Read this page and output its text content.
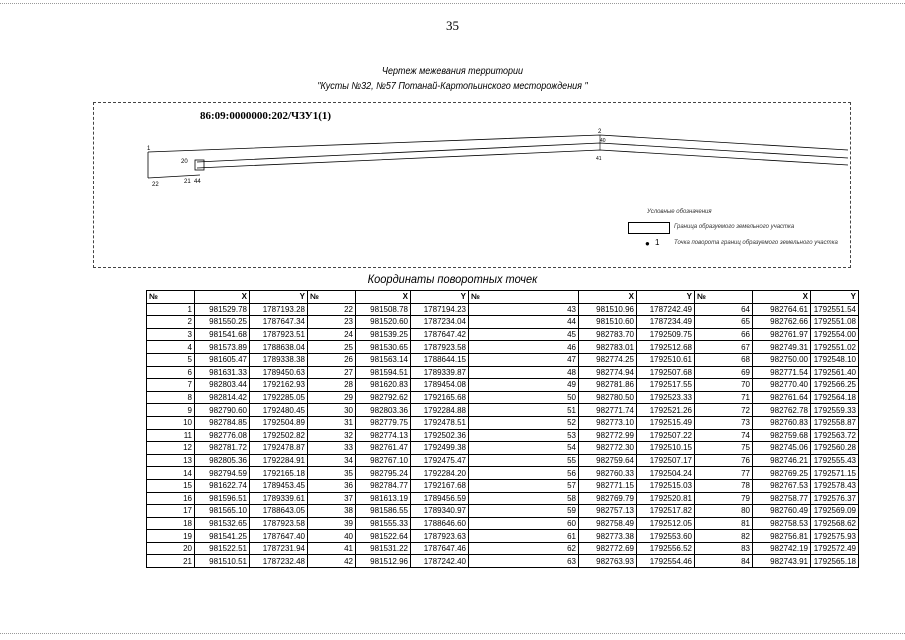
35
Чертеж межевания территории
"Кусты №32, №57 Потанай-Картопьинского месторождения "
86:09:0000000:202/ЧЗУ1(1)
1
2
40
41
20
22	21 44
Условные обозначения
Граница образуемого земельного участка
● 1 Точка поворота границ образуемого земельного участка
Координаты поворотных точек
№	X	Y	№	X	Y	№	X	Y	№	X	Y
1	981529.78	1787193.28	22	981508.78	1787194.23	43	981510.96	1787242.49	64	982764.61	1792551.54
2	981550.25	1787647.34	23	981520.60	1787234.04	44	981510.60	1787234.49	65	982762.66	1792551.08
3	981541.68	1787923.51	24	981539.25	1787647.42	45	982783.70	1792509.75	66	982761.97	1792554.00
4	981573.89	1788638.04	25	981530.65	1787923.58	46	982783.01	1792512.68	67	982749.31	1792551.02
5	981605.47	1789338.38	26	981563.14	1788644.15	47	982774.25	1792510.61	68	982750.00	1792548.10
6	981631.33	1789450.63	27	981594.51	1789339.87	48	982774.94	1792507.68	69	982771.54	1792561.40
7	982803.44	1792162.93	28	981620.83	1789454.08	49	982781.86	1792517.55	70	982770.40	1792566.25
8	982814.42	1792285.05	29	982792.62	1792165.68	50	982780.50	1792523.33	71	982761.64	1792564.18
9	982790.60	1792480.45	30	982803.36	1792284.88	51	982771.74	1792521.26	72	982762.78	1792559.33
10	982784.85	1792504.89	31	982779.75	1792478.51	52	982773.10	1792515.49	73	982760.83	1792558.87
11	982776.08	1792502.82	32	982774.13	1792502.36	53	982772.99	1792507.22	74	982759.68	1792563.72
12	982781.72	1792478.87	33	982761.47	1792499.38	54	982772.30	1792510.15	75	982745.06	1792560.28
13	982805.36	1792284.91	34	982767.10	1792475.47	55	982759.64	1792507.17	76	982746.21	1792555.43
14	982794.59	1792165.18	35	982795.24	1792284.20	56	982760.33	1792504.24	77	982769.25	1792571.15
15	981622.74	1789453.45	36	982784.77	1792167.68	57	982771.15	1792515.03	78	982767.53	1792578.43
16	981596.51	1789339.61	37	981613.19	1789456.59	58	982769.79	1792520.81	79	982758.77	1792576.37
17	981565.10	1788643.05	38	981586.55	1789340.97	59	982757.13	1792517.82	80	982760.49	1792569.09
18	981532.65	1787923.58	39	981555.33	1788646.60	60	982758.49	1792512.05	81	982758.53	1792568.62
19	981541.25	1787647.40	40	981522.64	1787923.63	61	982773.38	1792553.60	82	982756.81	1792575.93
20	981522.51	1787231.94	41	981531.22	1787647.46	62	982772.69	1792556.52	83	982742.19	1792572.49
21	981510.51	1787232.48	42	981512.96	1787242.40	63	982763.93	1792554.46	84	982743.91	1792565.18
